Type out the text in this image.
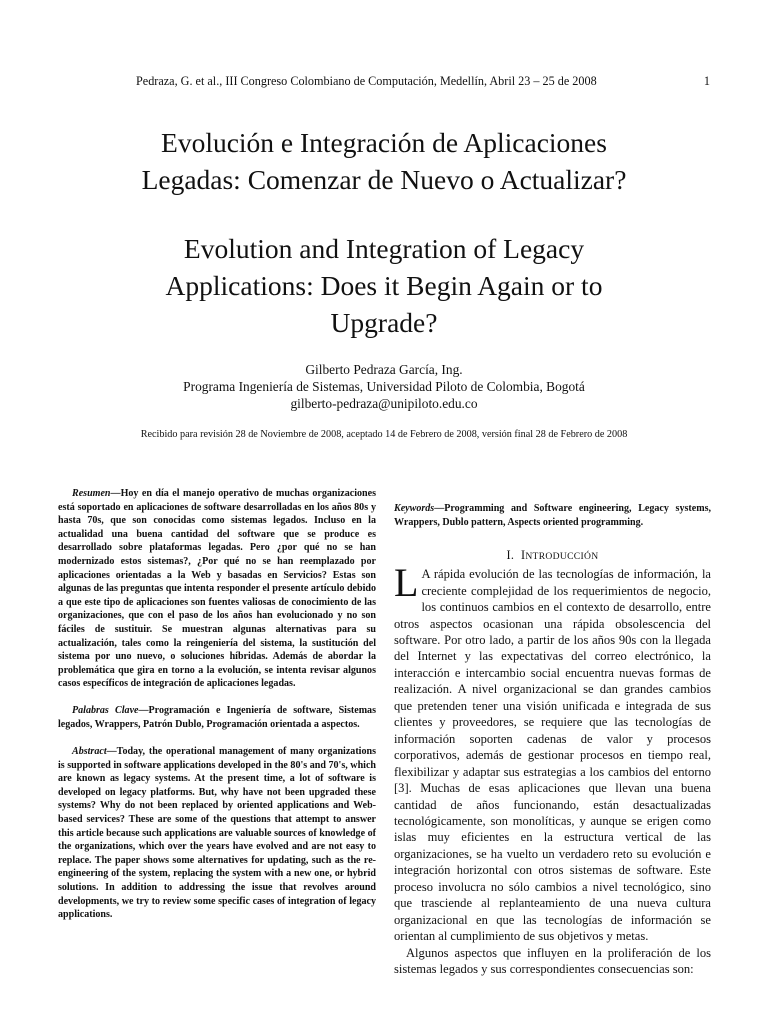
Pedraza, G. et al., III Congreso Colombiano de Computación, Medellín, Abril 23 – 25 de 2008	1
Evolución e Integración de Aplicaciones
Legadas: Comenzar de Nuevo o Actualizar?
Evolution and Integration of Legacy
Applications: Does it Begin Again or to
Upgrade?
Gilberto Pedraza García, Ing.
Programa Ingeniería de Sistemas, Universidad Piloto de Colombia, Bogotá
gilberto-pedraza@unipiloto.edu.co
Recibido para revisión 28 de Noviembre de 2008, aceptado 14 de Febrero de 2008, versión final 28 de Febrero de 2008

Resumen—Hoy en día el manejo operativo de muchas organizaciones está soportado en aplicaciones de software desarrolladas en los años 80s y hasta 70s, que son conocidas como sistemas legados. Incluso en la actualidad una buena cantidad del software que se produce es desarrollado sobre plataformas legadas. Pero ¿por qué no se han modernizado estos sistemas?, ¿Por qué no se han reemplazado por aplicaciones orientadas a la Web y basadas en Servicios? Estas son algunas de las preguntas que intenta responder el presente artículo debido a que este tipo de aplicaciones son fuentes valiosas de conocimiento de las organizaciones, que con el paso de los años han evolucionado y no son fáciles de sustituir. Se muestran algunas alternativas para su actualización, tales como la reingeniería del sistema, la sustitución del sistema por uno nuevo, o soluciones híbridas. Además de abordar la problemática que gira en torno a la evolución, se intenta revisar algunos casos específicos de integración de aplicaciones legadas.

Palabras Clave—Programación e Ingeniería de software, Sistemas legados, Wrappers, Patrón Dublo, Programación orientada a aspectos.

Abstract—Today, the operational management of many organizations is supported in software applications developed in the 80's and 70's, which are known as legacy systems. At the present time, a lot of software is developed on legacy platforms. But, why have not been upgraded these systems? Why do not been replaced by oriented applications and Web-based services? These are some of the questions that attempt to answer this article because such applications are valuable sources of knowledge of the organizations, which over the years have evolved and are not easy to replace. The paper shows some alternatives for updating, such as the re-engineering of the system, replacing the system with a new one, or hybrid solutions. In addition to addressing the issue that revolves around developments, we try to review some specific cases of integration of legacy applications.

Keywords—Programming and Software engineering, Legacy systems, Wrappers, Dublo pattern, Aspects oriented programming.

I. INTRODUCCIÓN

L A rápida evolución de las tecnologías de información, la creciente complejidad de los requerimientos de negocio, los continuos cambios en el contexto de desarrollo, entre otros aspectos ocasionan una rápida obsolescencia del software. Por otro lado, a partir de los años 90s con la llegada del Internet y las expectativas del correo electrónico, la interacción e intercambio social encuentra nuevas formas de realización. A nivel organizacional se dan grandes cambios que pretenden tener una visión unificada e integrada de sus clientes y proveedores, se requiere que las tecnologías de información soporten cadenas de valor y procesos corporativos, además de gestionar procesos en tiempo real, flexibilizar y adaptar sus estrategias a los cambios del entorno [3]. Muchas de esas aplicaciones que llevan una buena cantidad de años funcionando, están desactualizadas tecnológicamente, son monolíticas, y aunque se erigen como islas muy eficientes en la estructura vertical de las organizaciones, se ha vuelto un verdadero reto su evolución e integración horizontal con otros sistemas de software. Este proceso involucra no sólo cambios a nivel tecnológico, sino que trasciende al replanteamiento de una nueva cultura organizacional en que las tecnologías de información se orientan al cumplimiento de sus objetivos y metas.

Algunos aspectos que influyen en la proliferación de los sistemas legados y sus correspondientes consecuencias son:
